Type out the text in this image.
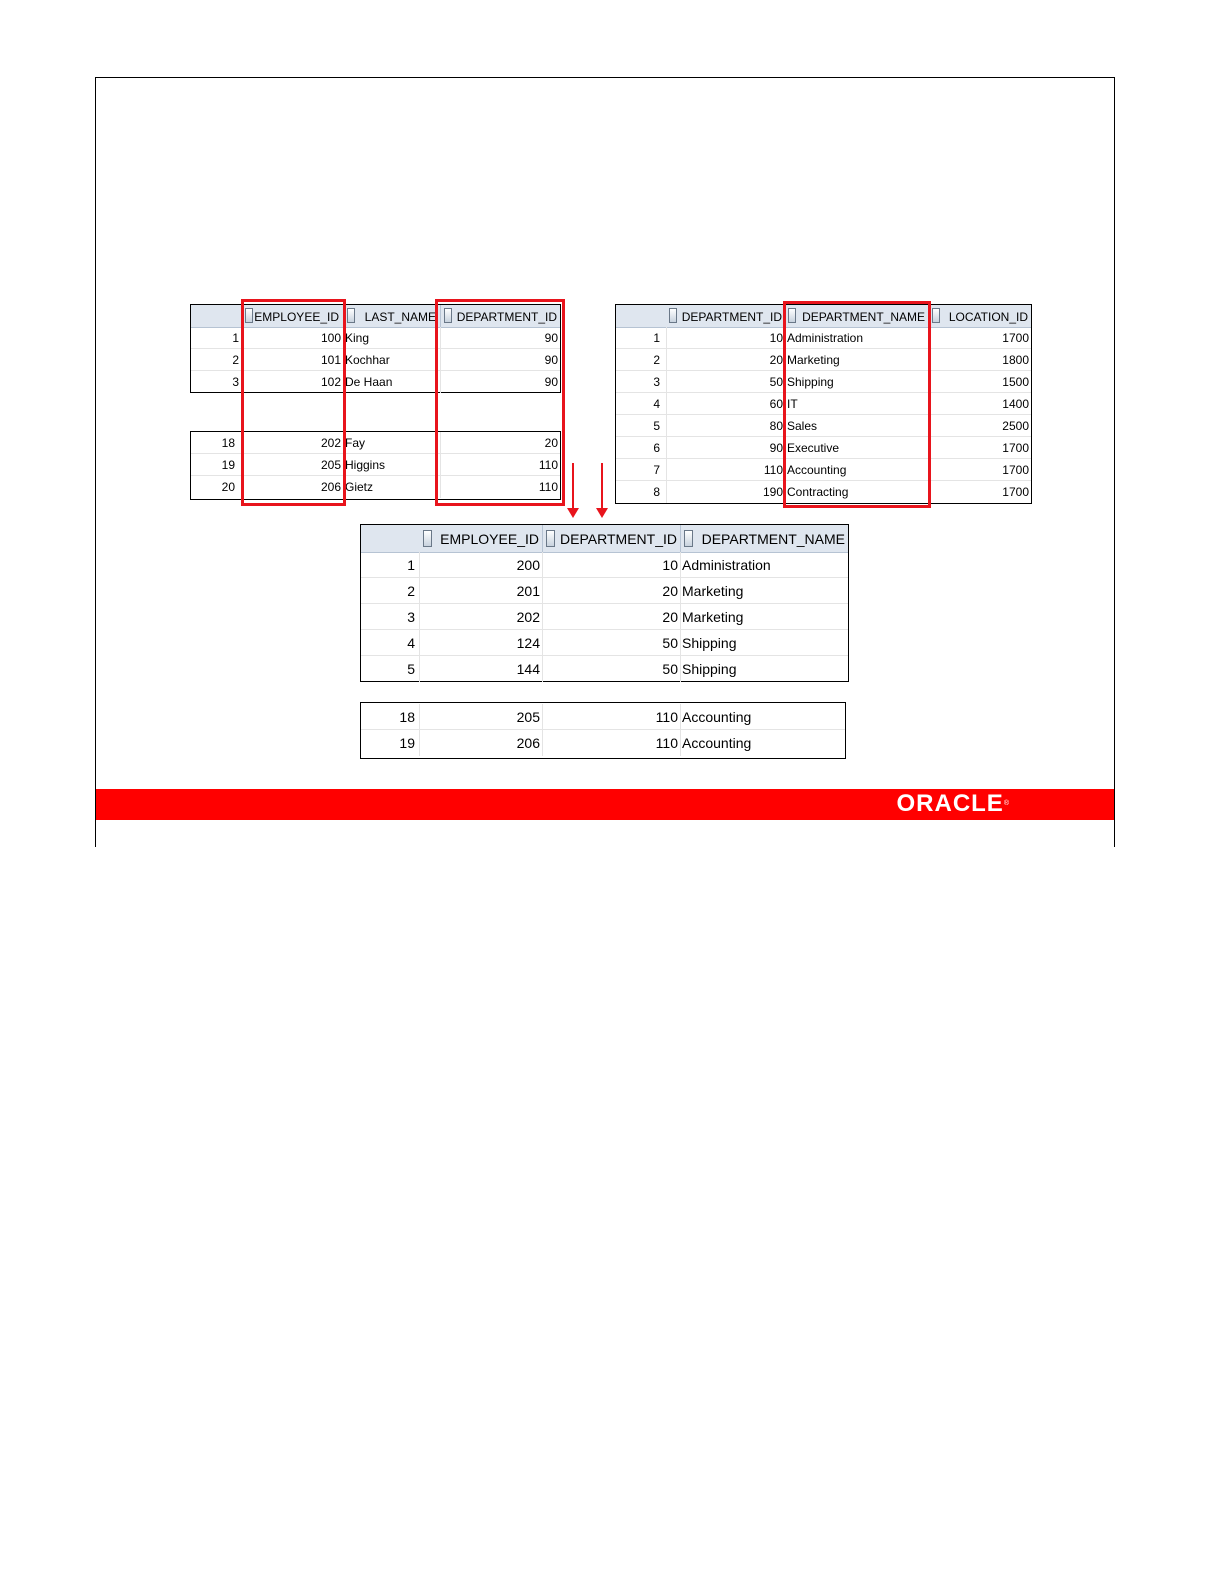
EMPLOYEE_ID	LAST_NAME	DEPARTMENT_ID
1	100 King	90
2	101 Kochhar	90
3	102 De Haan	90
18	202 Fay	20
19	205 Higgins	110
20	206 Gietz	110
DEPARTMENT_ID	DEPARTMENT_NAME	LOCATION_ID
1	10 Administration	1700
2	20 Marketing	1800
3	50 Shipping	1500
4	60 IT	1400
5	80 Sales	2500
6	90 Executive	1700
7	110 Accounting	1700
8	190 Contracting	1700
EMPLOYEE_ID	DEPARTMENT_ID	DEPARTMENT_NAME
1	200	10 Administration
2	201	20 Marketing
3	202	20 Marketing
4	124	50 Shipping
5	144	50 Shipping
18	205	110 Accounting
19	206	110 Accounting
ORACLE®
